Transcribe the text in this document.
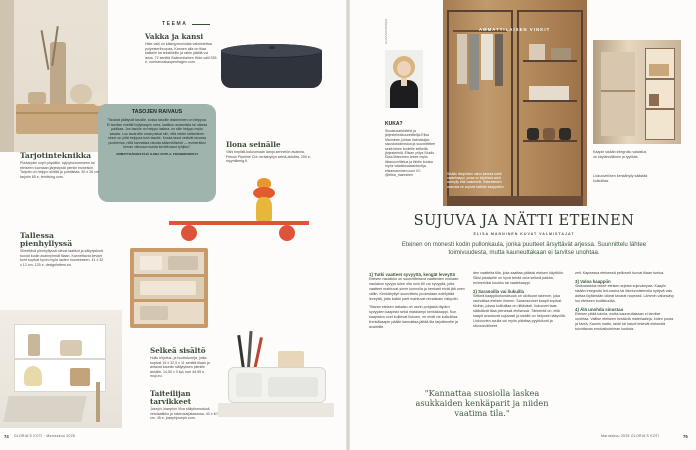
TEEMA
Vakka ja kansi
Hide-valli on käsinjyrrunioista valmistettua polyesterihuopaa. Kannen alla on tilaa kaikelle tai tekstiileille ja rahin päällä voi istua. 72 senttiä Ssämmilainen Hide-valli 335 e, normannakaupenhagen.com.
TASOJEN RAIVAUS
"Tavarat päätyvät tasoille, koska tasoille laskeminen on helppoa. Ei tarvitse miettiä hyllykaapin ovea, laatikon avaamista tai oikeaa paikkaa. Jos tasolle on helppo laskea, on sille helppo myös kasata. Luo tavaroille omat paikat niin, että niiden laittaminen sinne on yhtä helppoa kuin tasolle. Koska tasot vetävät tavaraa puoleensa, niitä kannattaa raivata säännöllisesti — esimerkiksi kerran viikossa muista kerätä tasot tyhjiksi."
AMMATTIJÄRJESTÄJÄ ILONA UOTILA, FRAMBRANDS.FI
Ilona seinälle
Vähi implisti-kokoomaan lampi-sennetön avaimia, Pekoni Pipeline Oui -teräshyllyn seinä-aidoilta, 250 e, myyntikeng.fi.
Tarjotinteknikka
Puutarjotin sopii pöydälle, kylpyhuoneeseen tai eteiseen tuomaan järjestystä pieniin esineisiin. Tarjotin on helppo siirtää ja puhdistaa. 30 x 26 cm tarjotin 65 e, femliving.com.
Tallessa pienhyllyssä
Siirrettävä pienhyllyssä olevat laatikot ja säilytyskorit tuovat kodin avainryhmät tilaan. Kannettavat kevyet korit sopivat hyvin myös lasten huoneeseen. 41 x 32 x 12 cm, 125 e, designletters.eu.
Selkeä sisältö
Hullu kirjoitus- ja huoltokoreja, jotka sopivat 15 x 32,5 x 11 senttiä tilaan ja antavat kauniin säilytyksen pienille asioille. 14,50 x 3 kpl, kori 44,95 e, muji.eu.
Taiteilijan tarvikkeet
Joseph Josephin Viva säilytinmoduuli vetolaatikko ja lokerosarjatasossa, 40 x 40 cm, 45 e, josephjoseph.com.
74 GLORIA'S KOTI · Marraskuu 2025
ELISA MANNINEN
KUKA?
Sisustusarkkitehti ja järjestelmäsuunnittelija Elisa Manninen johtaa Valmistajat-sisustustoimistoa ja suunnittelee sekä tekee kodeille selkeitä järjestelmiä. Elisan yritys Studio Elisa Manninen tekee myös tilasuunnittelua ja tiimiin kuuluu myös valaistusasiantuntija. elisamanninen.com IG: @elisa_manninen
AMMATTILAISEN VINKIT
Sisään lämpöisen valon kanssa toimii vaatekaappi, jossa on käytössä sekä avohylly että vaaterekki. Rakenteiden ansiosta ne sopivat kaikkiin kaappeihin.
Kaapin sisään integroitu valaistus on käytännöllinen ja tyylikäs.
Liukuovellinen kenkähylly säästää kulkutilaa.
SUJUVA JA NÄTTI ETEINEN
ELISA MANNINEN KUVAT VALMISTAJAT
Eteinen on monesti kodin pullonkaula, jonka puutteet ärsyttävät arjessa. Suunnittelu lähtee toimivuudesta, mutta kauneuttakaan ei tarvitse unohtaa.
1) Tutki vaatteet syvyyttä, kengät leveyttä
Eteisen naulakko on suunnitteltava vaatteiden mukaan: naulakon syvyys tulee olla noin 60 cm syvyyttä, jotta vaatteet mahtuvat sinne kunnolla ja henkarit eivät jää oven väliin. Kenkähyllyn suunnittelu puolestaan edellyttää leveyttä, jotta kaikki parit mahtuvat rinnakkain näkyviin.
Tilavan eteisen ratkaisu on usein pohjasta täyden syvyyden kaapisto sekä matalampi kenkäkaappi. Kun kaapiston ovet kulkevat liukuen, ne eivät vie kulkutilaa. Kenkäkaapin päälle kannattaa jättää tila tarjottimelle ja avaimille.
den vaatteita tilla, joka saattaa pääsisi eteisen käyttöön. Siksi jokaiselle on hyvä tehdä oma selkeä paikka, esimerkiksi koukku tai vaatekaappi.
2) Saranoilla vai liukuilla
Selkeä kaappikokonaisuus on ulottuvat rakenne, joka rauhoittaa eteisen ilmeen. Saranaoviset kaapit sopivat tiloihin, joissa kulkutilaa on riittävästi, liukuovet taas säästävät tilaa pienessä eteisessä. Tärkeintä on, että kaapit avautuvat sujuvasti ja sisältö on helposti näkyvillä. Liukuovien avulla voi myös piilottaa pyykkikorit ja siivousvälineet.
zeit. Kapeassa eteisessä peilioveit tuovat tilaan tuntua.
3) Valoa kaappiin
Sisävalaistus tekee eteisen arjesta sujuvampaa. Kaapin sisään integroitu led-nauha tai liiketunnistimella syttyvä valo auttaa löytämään oikeat tavarat nopeasti. Lämmin valonsävy luo eteiseen kodikkuutta.
4) Älä unohda sinustaa
Eteisen pitää toimia, mutta kauneuttakaan ei tarvitse unohtaa. Valitse eteiseen kestäviä materiaaleja, kuten puuta ja kiveä. Kaunis matto, taide tai kasvit tekevät eteisestä toivottavan ensivaikutelman kodista.
"Kannattaa suosiolla laskea asukkaiden kenkäparit ja niiden vaatima tila."
Marraskuu 2025 GLORIA'S KOTI	75
